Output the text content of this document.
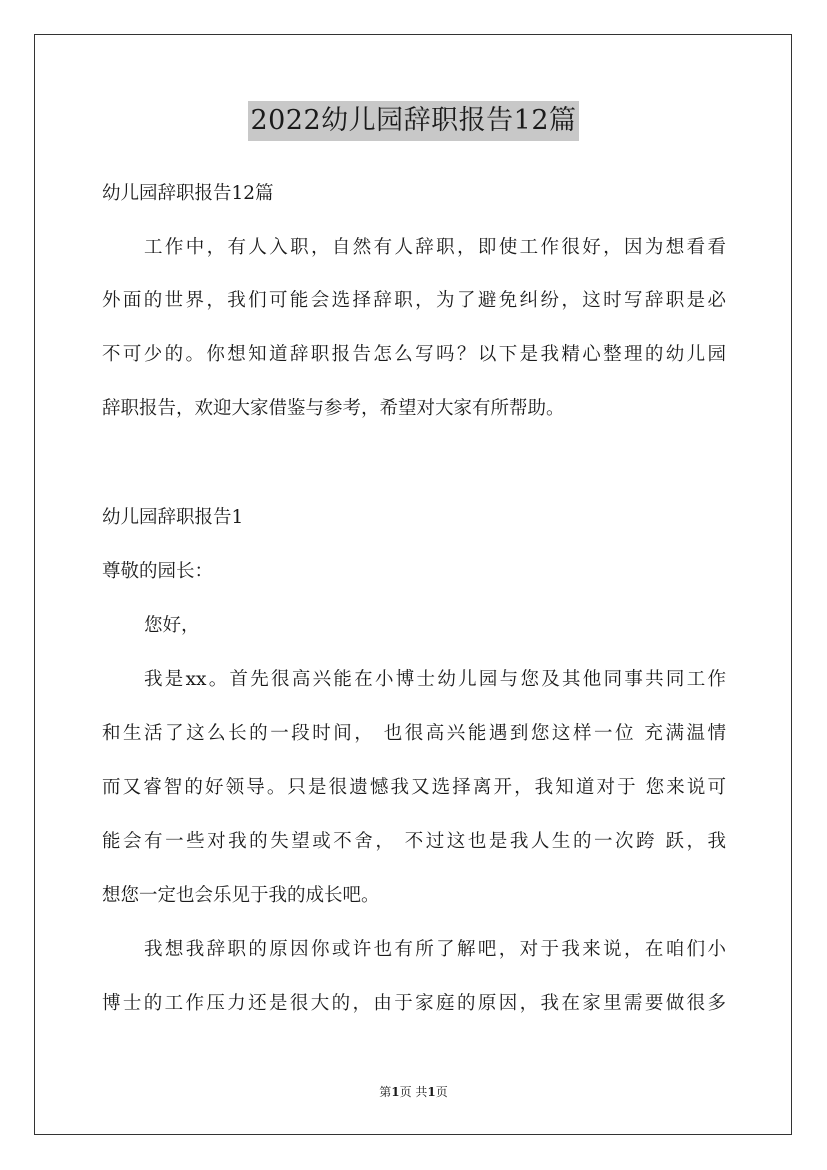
2022幼儿园辞职报告12篇
幼儿园辞职报告12篇
工作中，有人入职，自然有人辞职，即使工作很好，因为想看看
外面的世界，我们可能会选择辞职，为了避免纠纷，这时写辞职是必
不可少的。你想知道辞职报告怎么写吗？以下是我精心整理的幼儿园
辞职报告，欢迎大家借鉴与参考，希望对大家有所帮助。
幼儿园辞职报告1
尊敬的园长：
您好，
我是xx。首先很高兴能在小博士幼儿园与您及其他同事共同工作
和生活了这么长的一段时间， 也很高兴能遇到您这样一位 充满温情
而又睿智的好领导。只是很遗憾我又选择离开，我知道对于 您来说可
能会有一些对我的失望或不舍， 不过这也是我人生的一次跨 跃，我
想您一定也会乐见于我的成长吧。
我想我辞职的原因你或许也有所了解吧，对于我来说，在咱们小
博士的工作压力还是很大的，由于家庭的原因，我在家里需要做很多
第1页 共1页
